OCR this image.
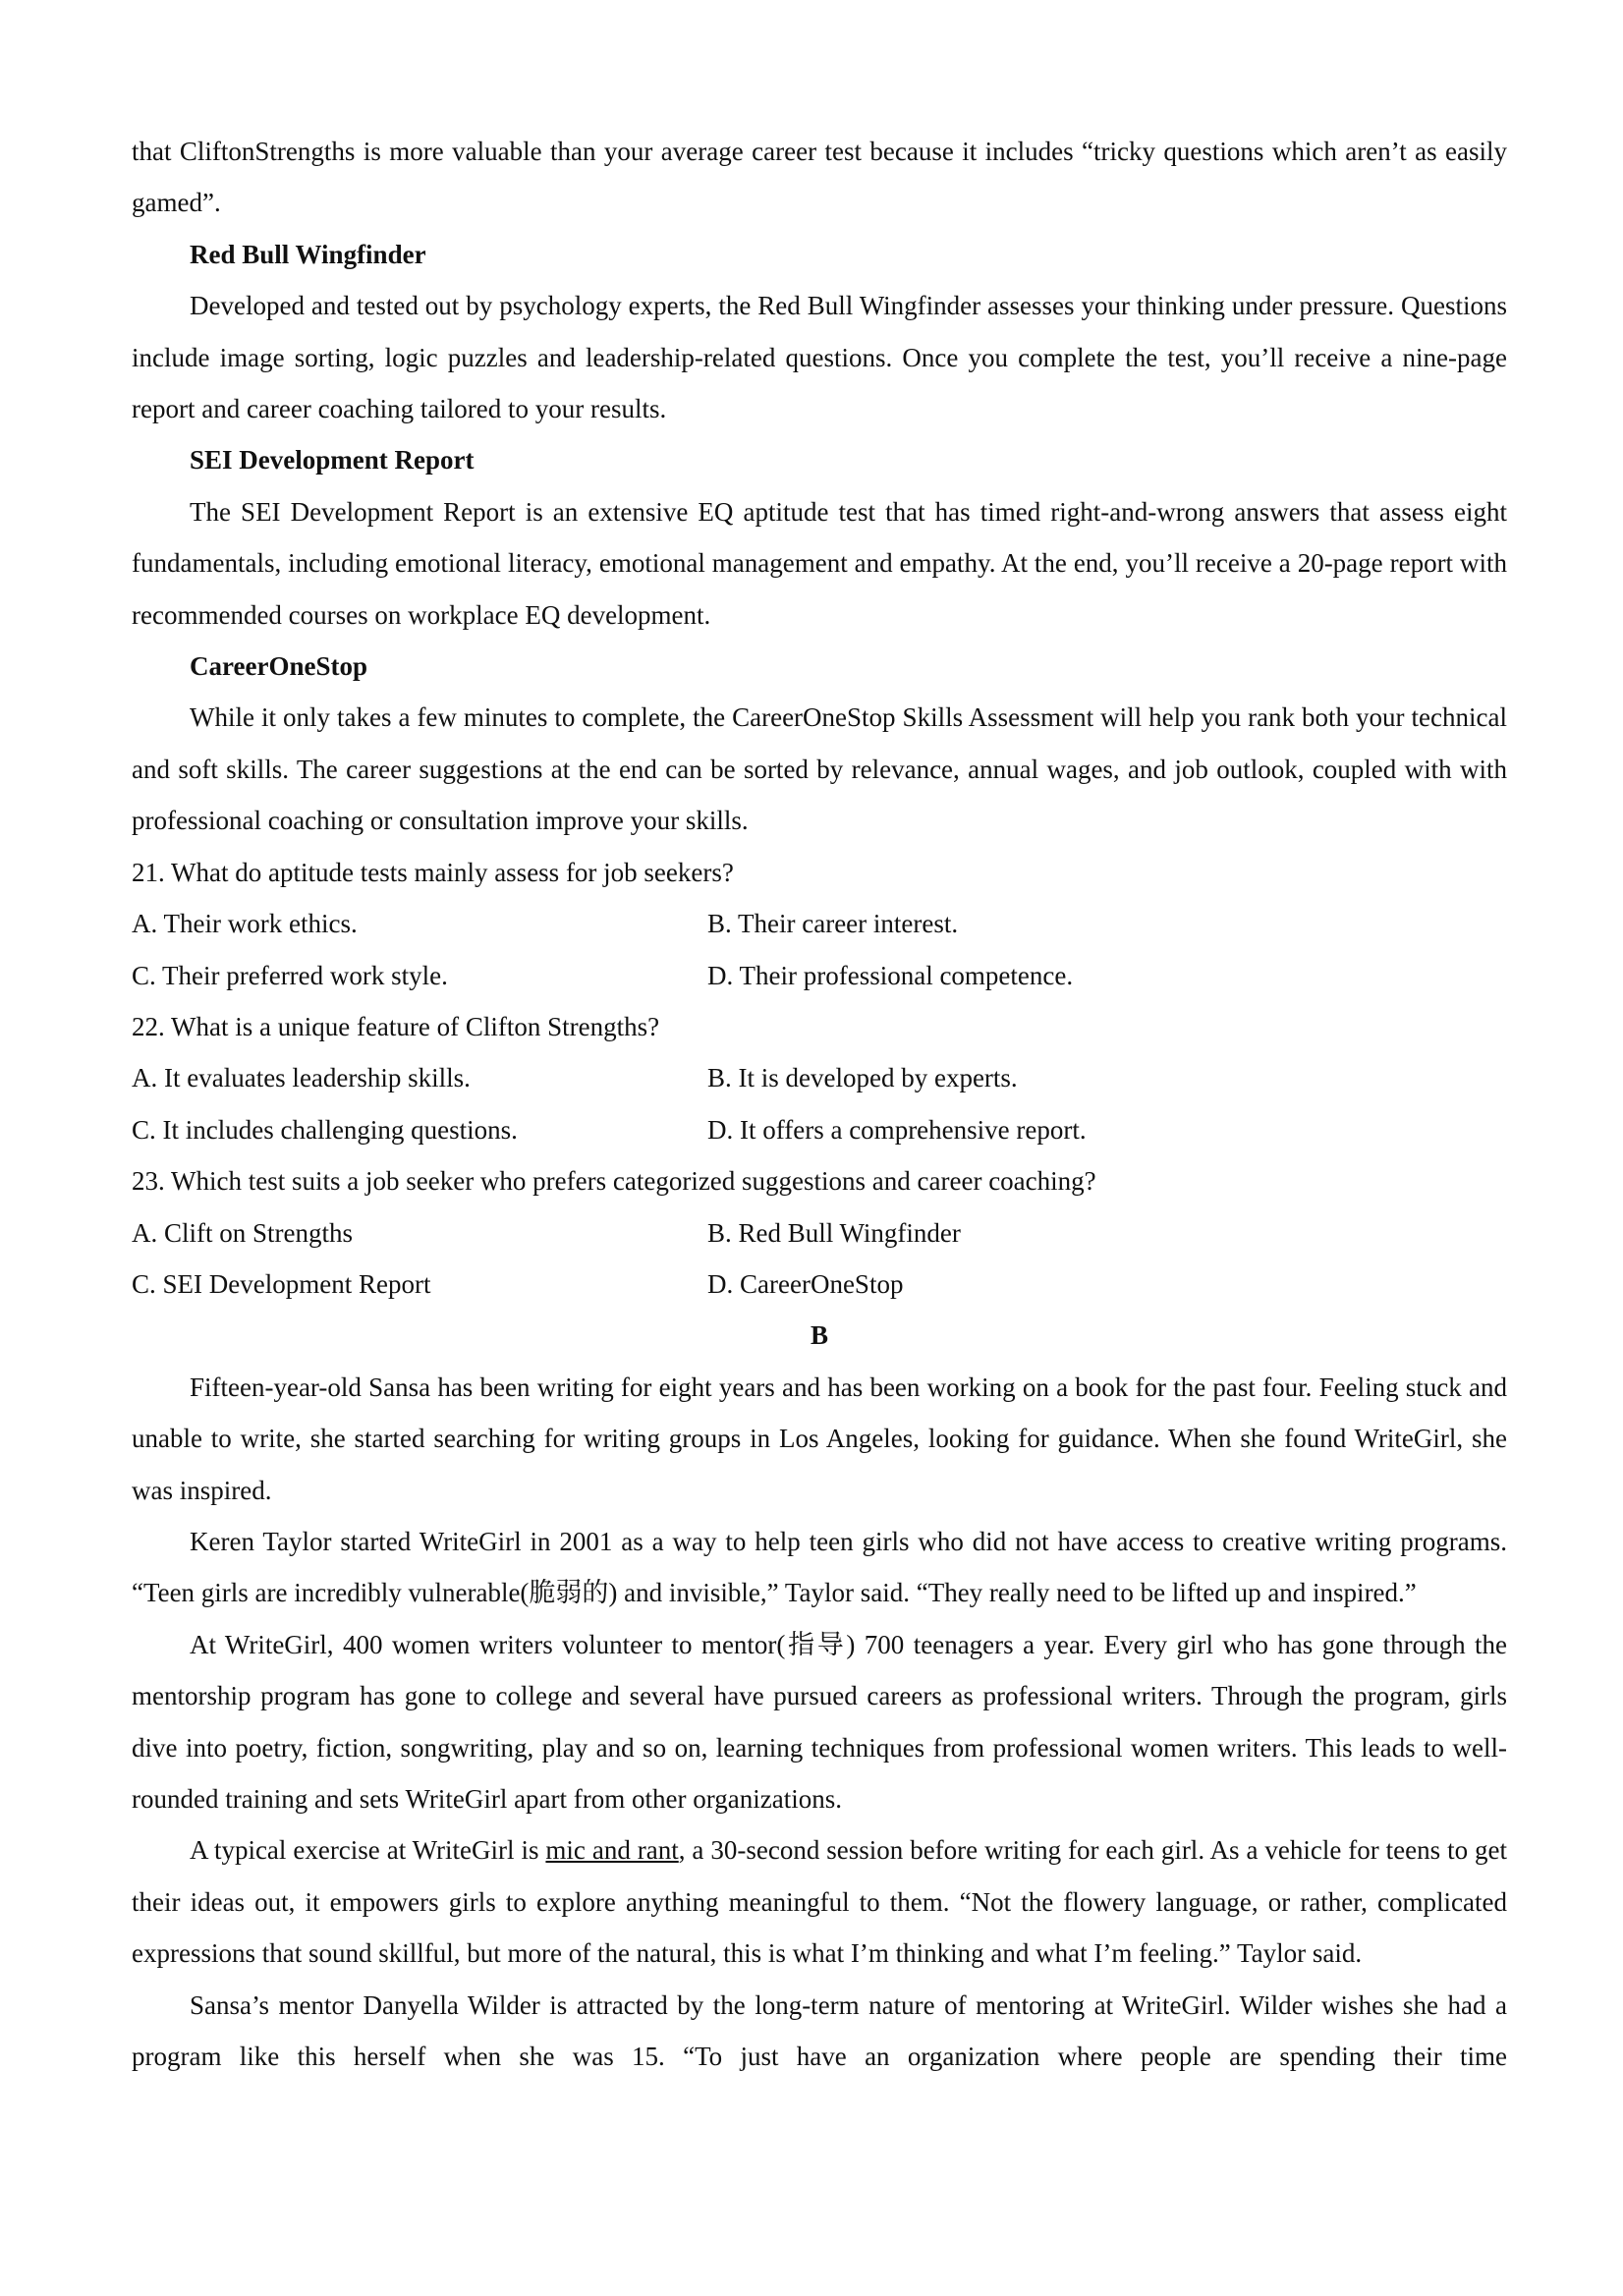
that CliftonStrengths is more valuable than your average career test because it includes “tricky questions which aren’t as easily gamed”.

Red Bull Wingfinder

Developed and tested out by psychology experts, the Red Bull Wingfinder assesses your thinking under pressure. Questions include image sorting, logic puzzles and leadership-related questions. Once you complete the test, you’ll receive a nine-page report and career coaching tailored to your results.

SEI Development Report

The SEI Development Report is an extensive EQ aptitude test that has timed right-and-wrong answers that assess eight fundamentals, including emotional literacy, emotional management and empathy. At the end, you’ll receive a 20-page report with recommended courses on workplace EQ development.

CareerOneStop

While it only takes a few minutes to complete, the CareerOneStop Skills Assessment will help you rank both your technical and soft skills. The career suggestions at the end can be sorted by relevance, annual wages, and job outlook, coupled with with professional coaching or consultation improve your skills.

21. What do aptitude tests mainly assess for job seekers?

A. Their work ethics.	B. Their career interest.
C. Their preferred work style.	D. Their professional competence.

22. What is a unique feature of Clifton Strengths?

A. It evaluates leadership skills.	B. It is developed by experts.
C. It includes challenging questions.	D. It offers a comprehensive report.

23. Which test suits a job seeker who prefers categorized suggestions and career coaching?

A. Clift on Strengths	B. Red Bull Wingfinder
C. SEI Development Report	D. CareerOneStop

B

Fifteen-year-old Sansa has been writing for eight years and has been working on a book for the past four. Feeling stuck and unable to write, she started searching for writing groups in Los Angeles, looking for guidance. When she found WriteGirl, she was inspired.

Keren Taylor started WriteGirl in 2001 as a way to help teen girls who did not have access to creative writing programs. “Teen girls are incredibly vulnerable(脆弱的) and invisible,” Taylor said. “They really need to be lifted up and inspired.”

At WriteGirl, 400 women writers volunteer to mentor(指导) 700 teenagers a year. Every girl who has gone through the mentorship program has gone to college and several have pursued careers as professional writers. Through the program, girls dive into poetry, fiction, songwriting, play and so on, learning techniques from professional women writers. This leads to well-rounded training and sets WriteGirl apart from other organizations.

A typical exercise at WriteGirl is mic and rant, a 30-second session before writing for each girl. As a vehicle for teens to get their ideas out, it empowers girls to explore anything meaningful to them. “Not the flowery language, or rather, complicated expressions that sound skillful, but more of the natural, this is what I’m thinking and what I’m feeling.” Taylor said.

Sansa’s mentor Danyella Wilder is attracted by the long-term nature of mentoring at WriteGirl. Wilder wishes she had a program like this herself when she was 15. “To just have an organization where people are spending their time
